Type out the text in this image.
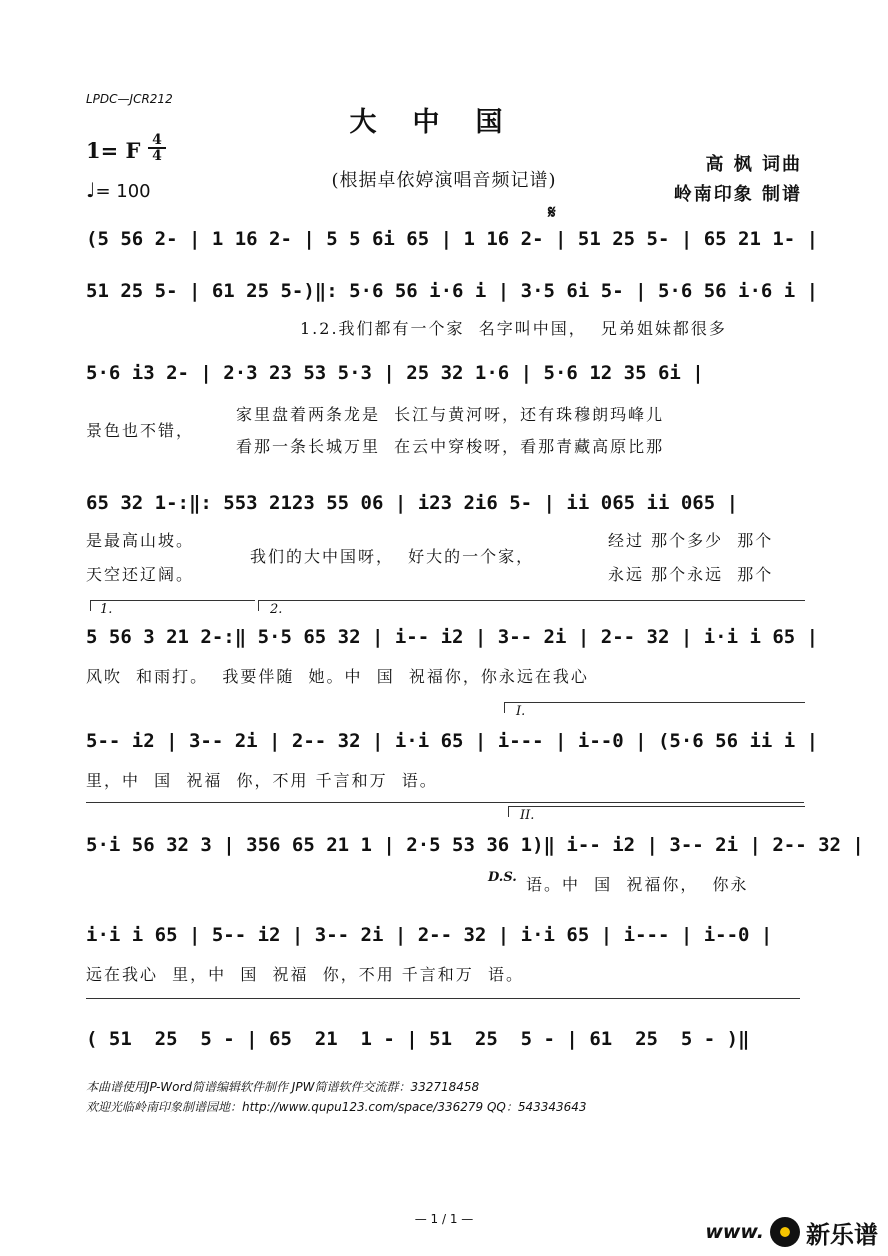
LPDC—JCR212
大中国
1= F 4
4
♩= 100
(根据卓依婷演唱音频记谱)
高 枫 词曲
岭南印象 制谱
𝄋
(5 56 2- | 1 16 2- | 5 5 6i 65 | 1 16 2- | 51 25 5- | 65 21 1- |
51 25 5- | 61 25 5-)‖: 5·6 56 i·6 i | 3·5 6i 5- | 5·6 56 i·6 i |
1.2.我们都有一个家  名字叫中国，  兄弟姐妹都很多
5·6 i3 2- | 2·3 23 53 5·3 | 25 32 1·6 | 5·6 12 35 6i |
景色也不错，
家里盘着两条龙是  长江与黄河呀，还有珠穆朗玛峰儿
看那一条长城万里  在云中穿梭呀，看那青藏高原比那
65 32 1-:‖: 553 2123 55 06 | i23 2i6 5- | ii 065 ii 065 |
是最高山坡。
天空还辽阔。
我们的大中国呀，  好大的一个家，
经过 那个多少  那个
永远 那个永远  那个
1.	2.
5 56 3 21 2-:‖ 5·5 65 32 | i-- i2 | 3-- 2i | 2-- 32 | i·i i 65 |
风吹  和雨打。  我要伴随  她。中  国  祝福你，你永远在我心
I.
5-- i2 | 3-- 2i | 2-- 32 | i·i 65 | i--- | i--0 | (5·6 56 ii i |
里，中  国  祝福  你，不用 千言和万  语。
II.
5·i 56 32 3 | 356 65 21 1 | 2·5 53 36 1)‖ i-- i2 | 3-- 2i | 2-- 32 |
D.S. 语。中  国  祝福你，  你永
i·i i 65 | 5-- i2 | 3-- 2i | 2-- 32 | i·i 65 | i--- | i--0 |
远在我心  里，中  国  祝福  你，不用 千言和万  语。
( 51  25  5 - | 65  21  1 - | 51  25  5 - | 61  25  5 - )‖
本曲谱使用JP-Word简谱编辑软件制作 JPW简谱软件交流群：332718458
欢迎光临岭南印象制谱园地：http://www.qupu123.com/space/336279 QQ：543343643
— 1 / 1 —
www. 新乐谱
